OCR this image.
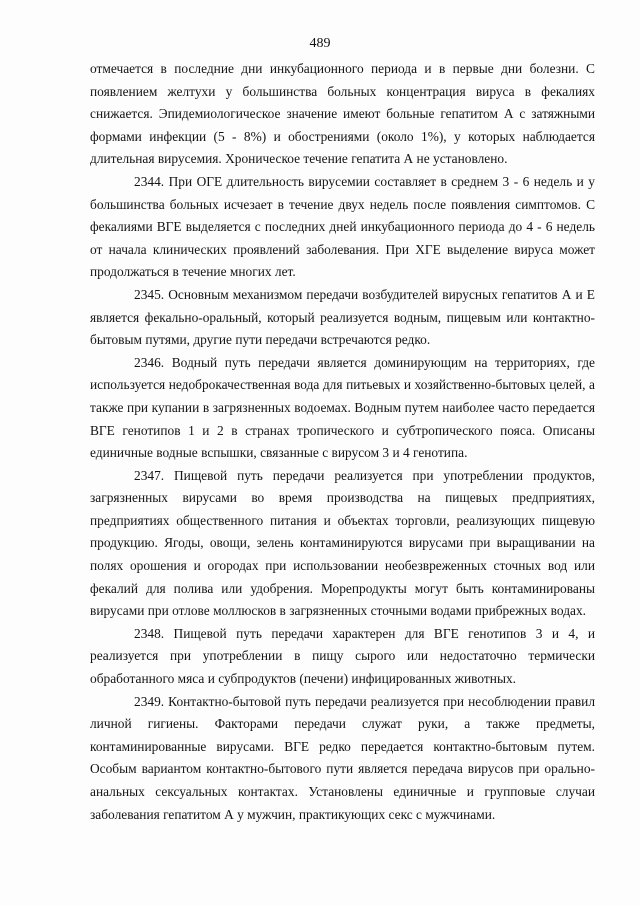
489

отмечается в последние дни инкубационного периода и в первые дни болезни. С появлением желтухи у большинства больных концентрация вируса в фекалиях снижается. Эпидемиологическое значение имеют больные гепатитом А с затяжными формами инфекции (5 - 8%) и обострениями (около 1%), у которых наблюдается длительная вирусемия. Хроническое течение гепатита А не установлено.

2344. При ОГЕ длительность вирусемии составляет в среднем 3 - 6 недель и у большинства больных исчезает в течение двух недель после появления симптомов. С фекалиями ВГЕ выделяется с последних дней инкубационного периода до 4 - 6 недель от начала клинических проявлений заболевания. При ХГЕ выделение вируса может продолжаться в течение многих лет.

2345. Основным механизмом передачи возбудителей вирусных гепатитов А и Е является фекально-оральный, который реализуется водным, пищевым или контактно-бытовым путями, другие пути передачи встречаются редко.

2346. Водный путь передачи является доминирующим на территориях, где используется недоброкачественная вода для питьевых и хозяйственно-бытовых целей, а также при купании в загрязненных водоемах. Водным путем наиболее часто передается ВГЕ генотипов 1 и 2 в странах тропического и субтропического пояса. Описаны единичные водные вспышки, связанные с вирусом 3 и 4 генотипа.

2347. Пищевой путь передачи реализуется при употреблении продуктов, загрязненных вирусами во время производства на пищевых предприятиях, предприятиях общественного питания и объектах торговли, реализующих пищевую продукцию. Ягоды, овощи, зелень контаминируются вирусами при выращивании на полях орошения и огородах при использовании необезвреженных сточных вод или фекалий для полива или удобрения. Морепродукты могут быть контаминированы вирусами при отлове моллюсков в загрязненных сточными водами прибрежных водах.

2348. Пищевой путь передачи характерен для ВГЕ генотипов 3 и 4, и реализуется при употреблении в пищу сырого или недостаточно термически обработанного мяса и субпродуктов (печени) инфицированных животных.

2349. Контактно-бытовой путь передачи реализуется при несоблюдении правил личной гигиены. Факторами передачи служат руки, а также предметы, контаминированные вирусами. ВГЕ редко передается контактно-бытовым путем. Особым вариантом контактно-бытового пути является передача вирусов при орально-анальных сексуальных контактах. Установлены единичные и групповые случаи заболевания гепатитом А у мужчин, практикующих секс с мужчинами.
